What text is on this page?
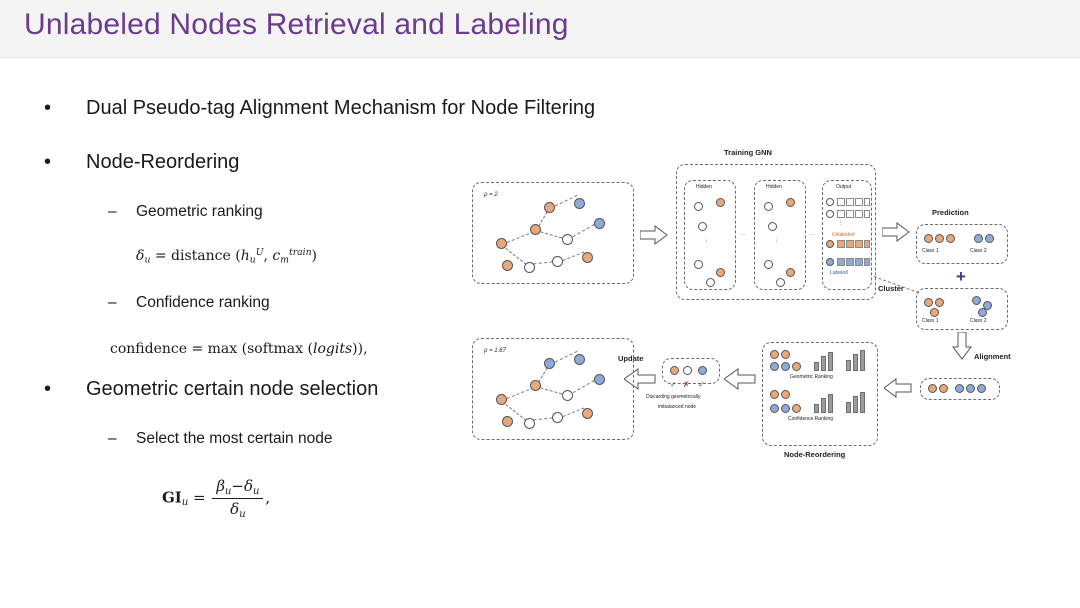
Unlabeled Nodes Retrieval and Labeling
• Dual Pseudo-tag Alignment Mechanism for Node Filtering
• Node-Reordering
– Geometric ranking
$\delta_u$ = distance ($h_u^U$, $c_m^{train}$)
– Confidence ranking
confidence = max (softmax (logits)),
• Geometric certain node selection
– Select the most certain node
$GI_u = \frac{\beta_u-\delta_u}{\delta_u}$ ,
Training GNN
ρ = 2
Hidden
⋮
⋯
Hidden
⋮
⋯
Output
⋮
Unlabeled
Labeled
Prediction
Class 1	Class 2
+
Class 1	Class 2
Cluster
Alignment
Geometric Ranking
Confidence Ranking
Node-Reordering
✓ ✗ ✓
Discarding geometrically
imbalanced node
Update
ρ = 1.67
